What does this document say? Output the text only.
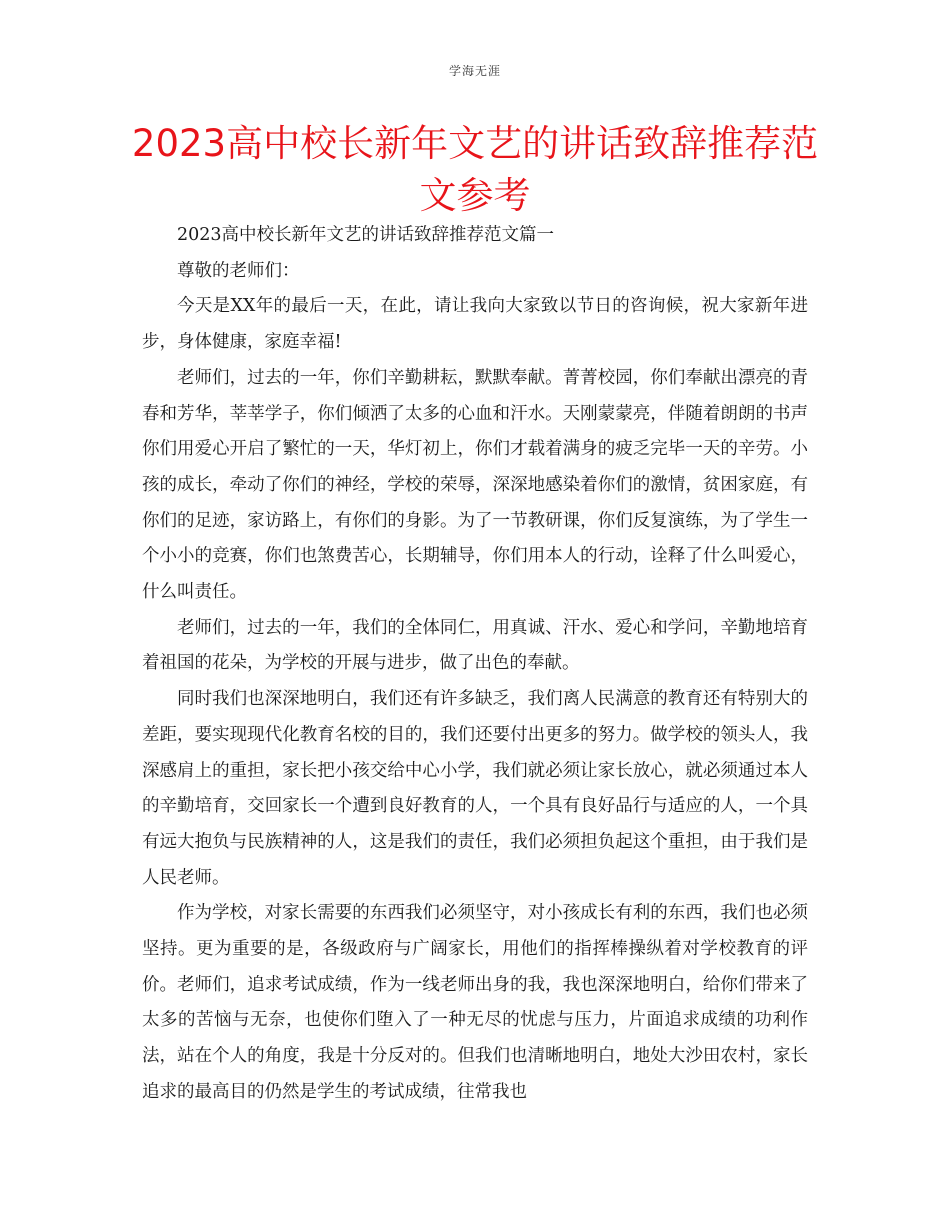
学海无涯
2023高中校长新年文艺的讲话致辞推荐范文参考

2023高中校长新年文艺的讲话致辞推荐范文篇一

尊敬的老师们：

今天是XX年的最后一天，在此，请让我向大家致以节日的咨询候，祝大家新年进步，身体健康，家庭幸福!

老师们，过去的一年，你们辛勤耕耘，默默奉献。菁菁校园，你们奉献出漂亮的青春和芳华，莘莘学子，你们倾洒了太多的心血和汗水。天刚蒙蒙亮，伴随着朗朗的书声你们用爱心开启了繁忙的一天，华灯初上，你们才载着满身的疲乏完毕一天的辛劳。小孩的成长，牵动了你们的神经，学校的荣辱，深深地感染着你们的激情，贫困家庭，有你们的足迹，家访路上，有你们的身影。为了一节教研课，你们反复演练，为了学生一个小小的竞赛，你们也煞费苦心，长期辅导，你们用本人的行动，诠释了什么叫爱心，什么叫责任。

老师们，过去的一年，我们的全体同仁，用真诚、汗水、爱心和学问，辛勤地培育着祖国的花朵，为学校的开展与进步，做了出色的奉献。

同时我们也深深地明白，我们还有许多缺乏，我们离人民满意的教育还有特别大的差距，要实现现代化教育名校的目的，我们还要付出更多的努力。做学校的领头人，我深感肩上的重担，家长把小孩交给中心小学，我们就必须让家长放心，就必须通过本人的辛勤培育，交回家长一个遭到良好教育的人，一个具有良好品行与适应的人，一个具有远大抱负与民族精神的人，这是我们的责任，我们必须担负起这个重担，由于我们是人民老师。

作为学校，对家长需要的东西我们必须坚守，对小孩成长有利的东西，我们也必须坚持。更为重要的是，各级政府与广阔家长，用他们的指挥棒操纵着对学校教育的评价。老师们，追求考试成绩，作为一线老师出身的我，我也深深地明白，给你们带来了太多的苦恼与无奈，也使你们堕入了一种无尽的忧虑与压力，片面追求成绩的功利作法，站在个人的角度，我是十分反对的。但我们也清晰地明白，地处大沙田农村，家长追求的最高目的仍然是学生的考试成绩，往常我也
